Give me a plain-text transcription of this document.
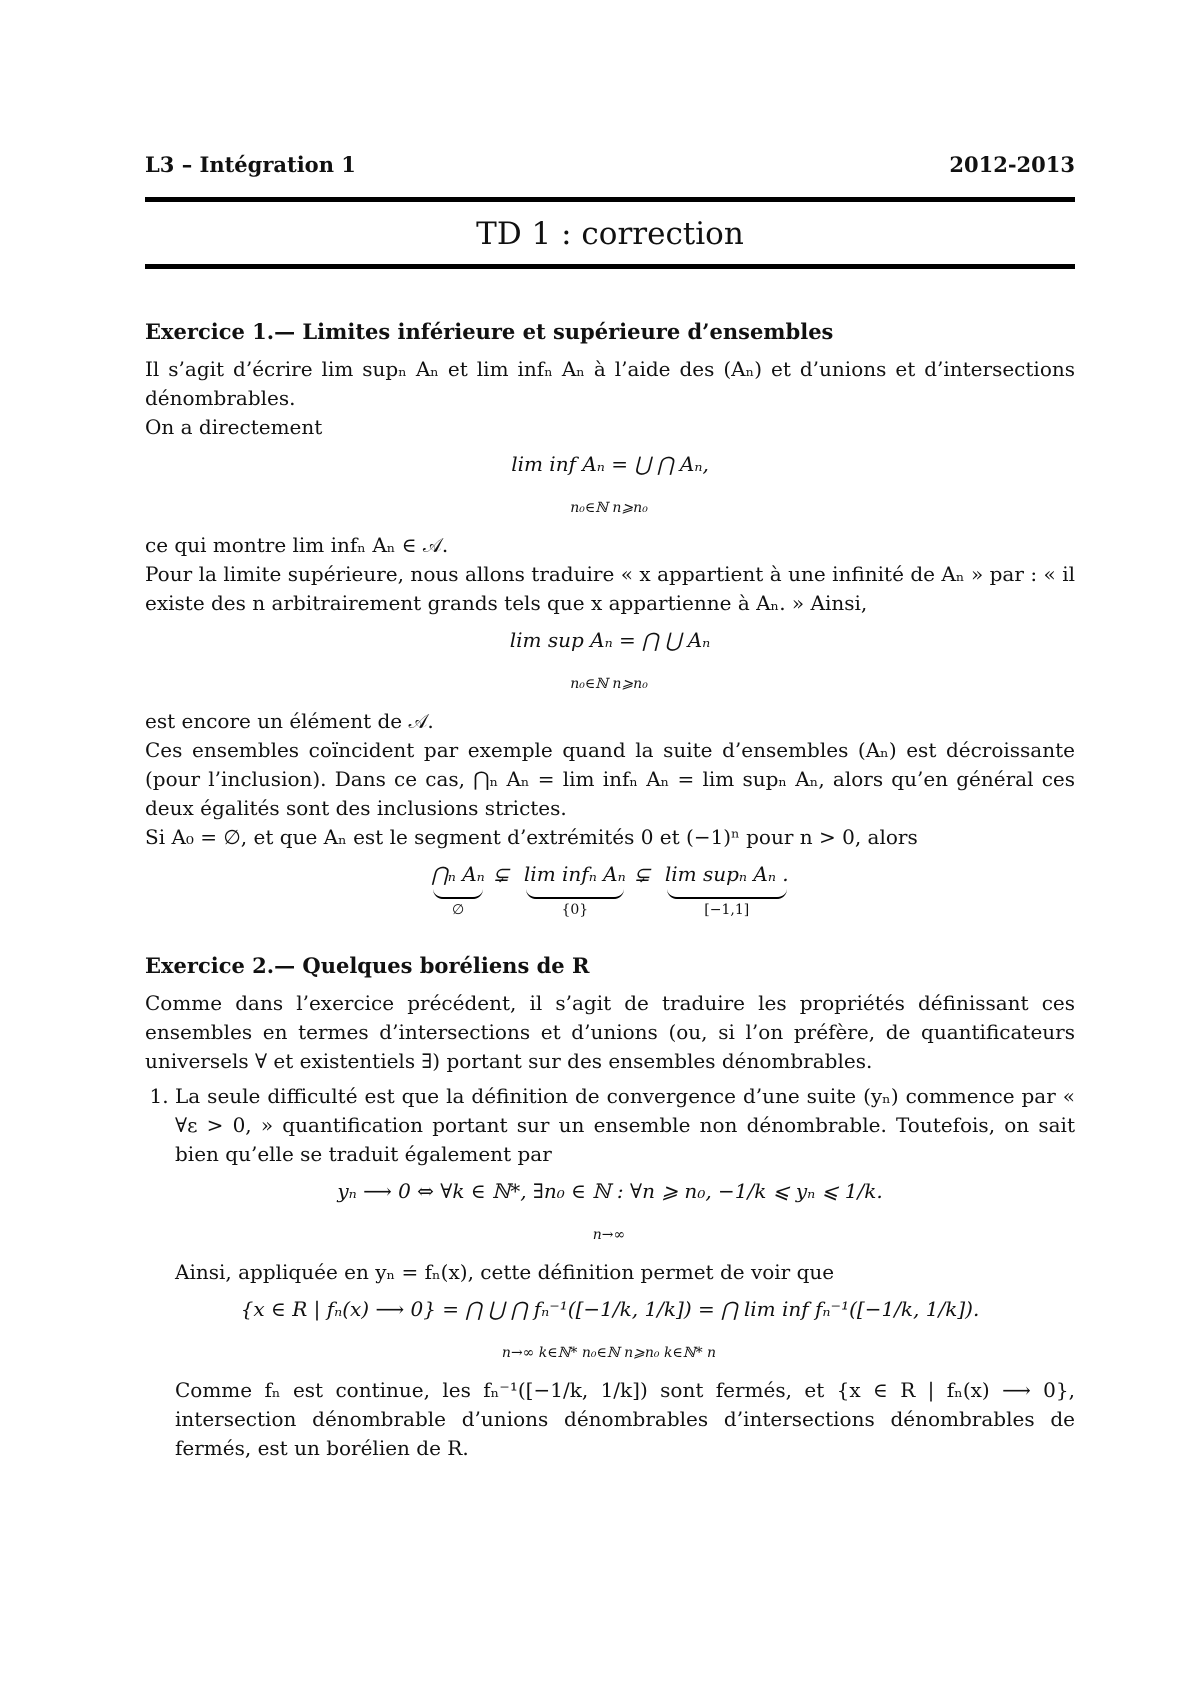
L3 – Intégration 1	2012-2013
TD 1 : correction
Exercice 1.— Limites inférieure et supérieure d’ensembles

Il s’agit d’écrire lim supₙ Aₙ et lim infₙ Aₙ à l’aide des (Aₙ) et d’unions et d’intersections dénombrables.

On a directement

lim inf Aₙ = ⋃ ⋂ Aₙ,
$_{n_0\in ℕ n⩾n_0}$

ce qui montre lim infₙ Aₙ ∈ 𝒜.

Pour la limite supérieure, nous allons traduire « x appartient à une infinité de Aₙ » par : « il existe des n arbitrairement grands tels que x appartienne à Aₙ. » Ainsi,

lim sup Aₙ = ⋂ ⋃ Aₙ
$_{n_0\in ℕ n⩾n_0}$

est encore un élément de 𝒜.

Ces ensembles coïncident par exemple quand la suite d’ensembles (Aₙ) est décroissante (pour l’inclusion). Dans ce cas, ⋂ₙ Aₙ = lim infₙ Aₙ = lim supₙ Aₙ, alors qu’en général ces deux égalités sont des inclusions strictes.

Si A₀ = ∅, et que Aₙ est le segment d’extrémités 0 et (−1)ⁿ pour n > 0, alors

⋂ₙ Aₙ
∅
⊊ lim infₙ Aₙ
{0}
⊊ lim supₙ Aₙ .
[−1,1]
Exercice 2.— Quelques boréliens de R

Comme dans l’exercice précédent, il s’agit de traduire les propriétés définissant ces ensembles en termes d’intersections et d’unions (ou, si l’on préfère, de quantificateurs universels ∀ et existentiels ∃) portant sur des ensembles dénombrables.

1. La seule difficulté est que la définition de convergence d’une suite (yₙ) commence par « ∀ε > 0, » quantification portant sur un ensemble non dénombrable. Toutefois, on sait bien qu’elle se traduit également par
yₙ ⟶ 0 ⇔ ∀k ∈ ℕ*, ∃n₀ ∈ ℕ : ∀n ⩾ n₀, −1/k ⩽ yₙ ⩽ 1/k.
$_{n\to\infty}$

Ainsi, appliquée en yₙ = fₙ(x), cette définition permet de voir que

{x ∈ R | fₙ(x) ⟶ 0} = ⋂ ⋃ ⋂ fₙ⁻¹([−1/k, 1/k]) = ⋂ lim inf fₙ⁻¹([−1/k, 1/k]).
$_{n\to\infty k\in ℕ* n_0\in ℕ n⩾n_0 k\in ℕ* n}$

Comme fₙ est continue, les fₙ⁻¹([−1/k, 1/k]) sont fermés, et {x ∈ R | fₙ(x) ⟶ 0}, intersection dénombrable d’unions dénombrables d’intersections dénombrables de fermés, est un borélien de R.
